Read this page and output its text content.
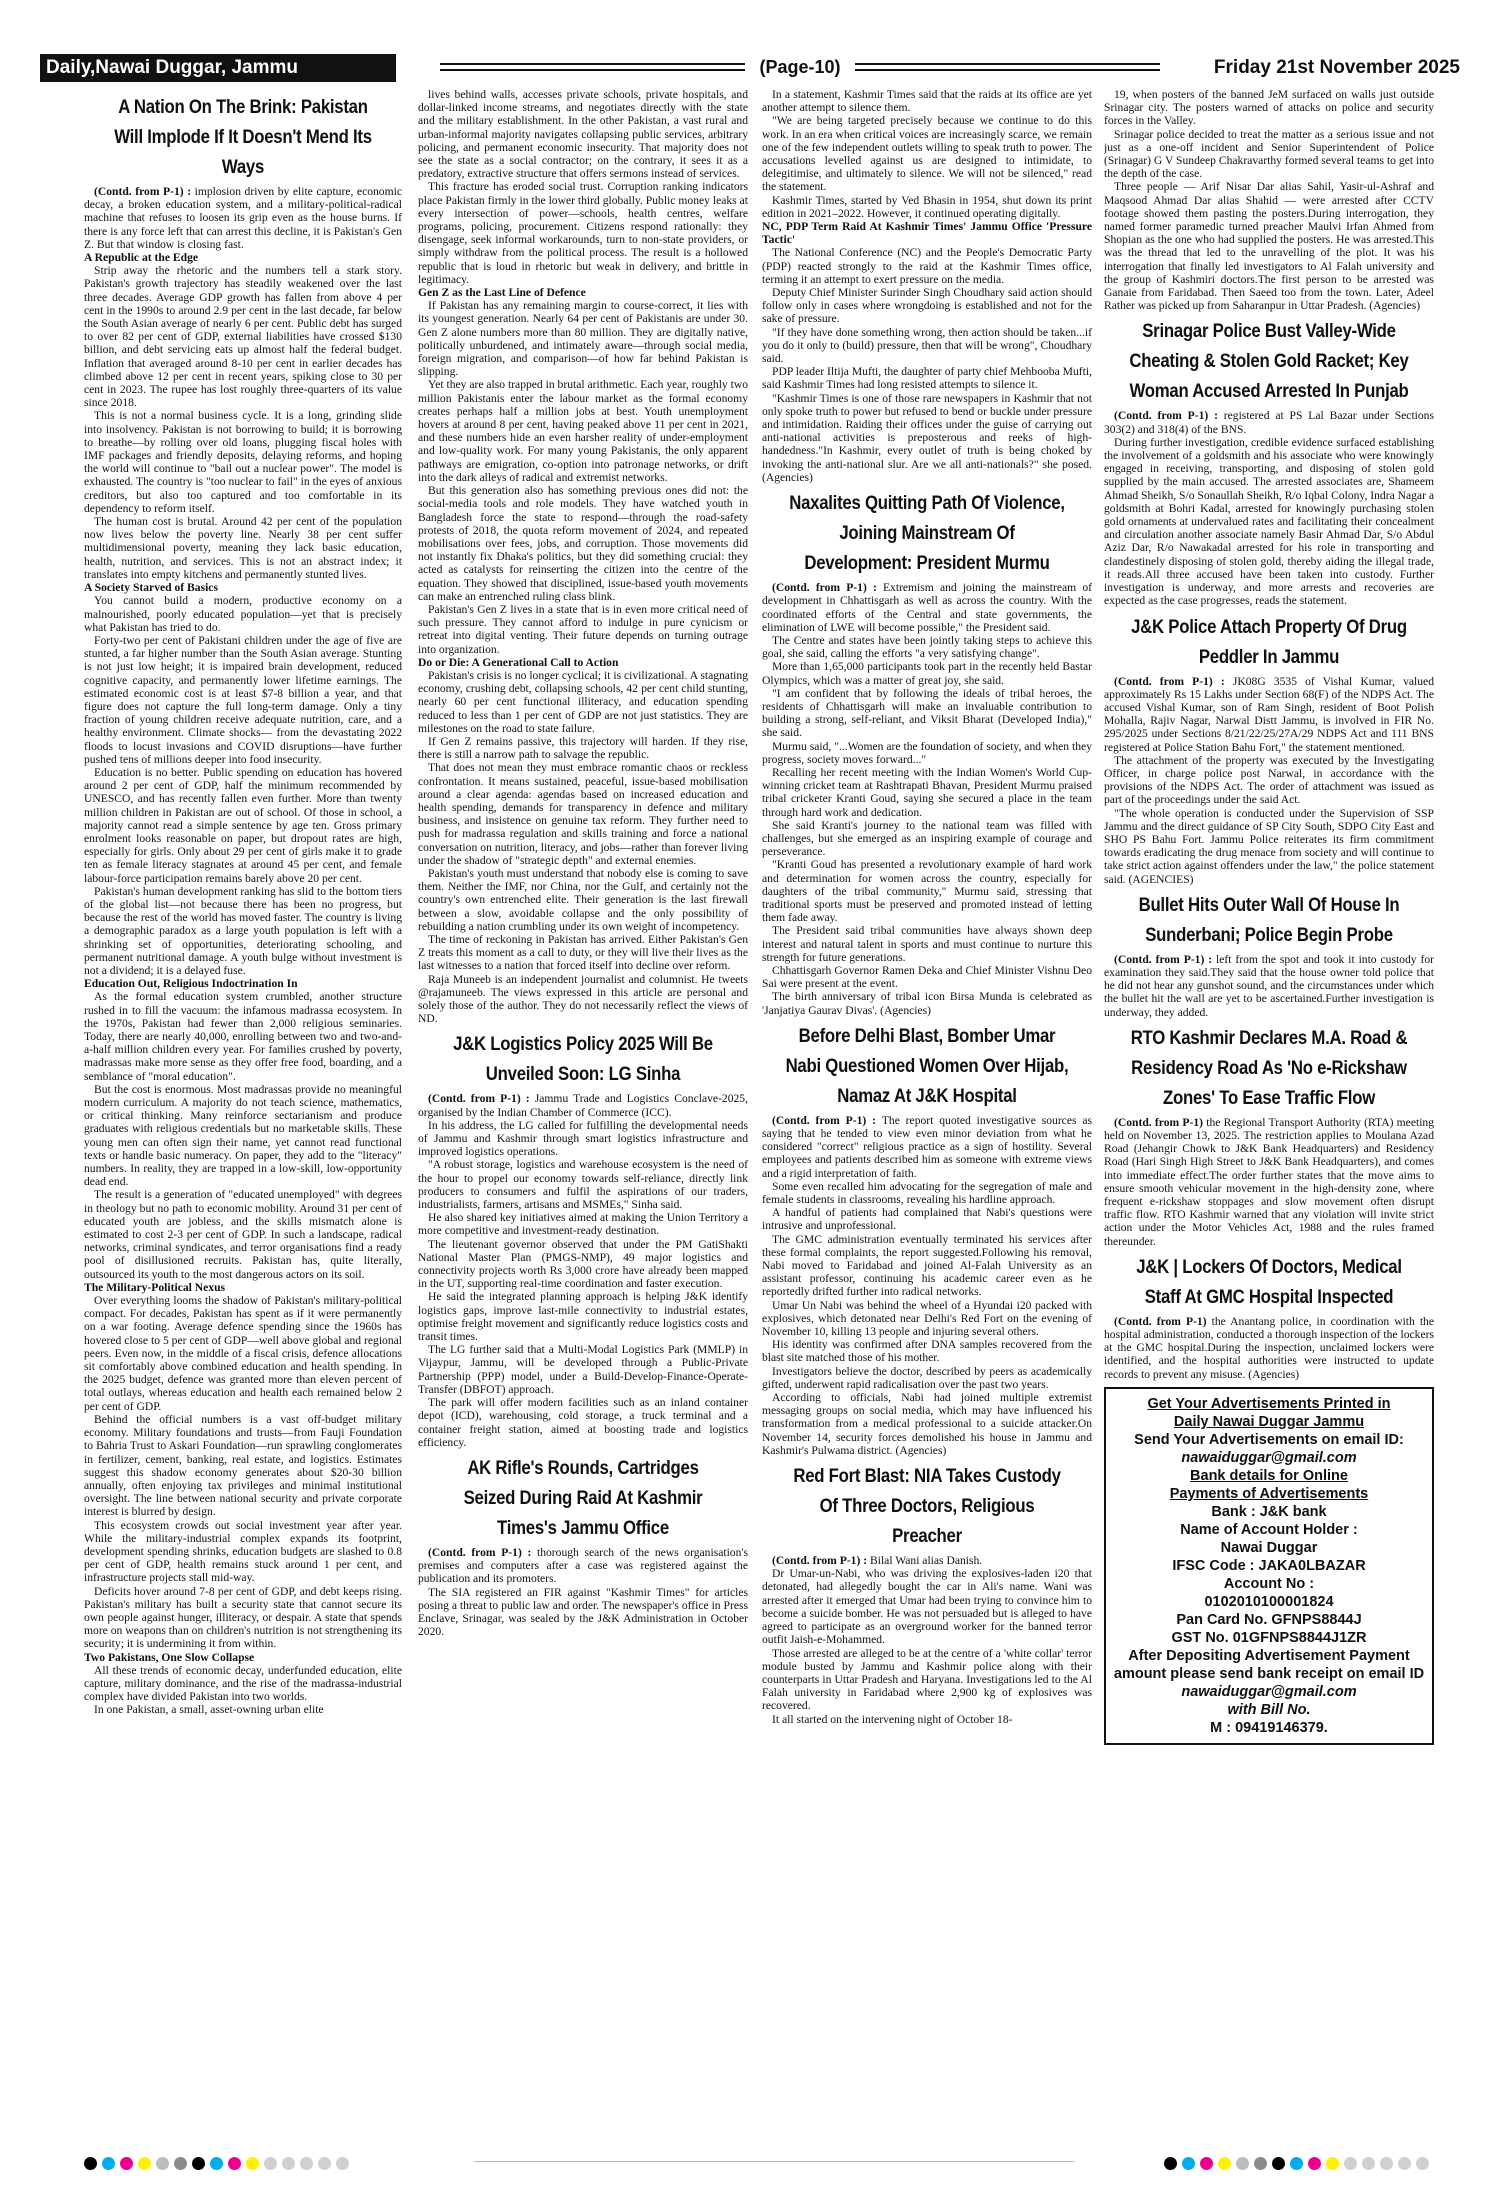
Daily,Nawai Duggar, Jammu	(Page-10)	Friday 21st November 2025
A Nation On The Brink: Pakistan Will Implode If It Doesn't Mend Its Ways

(Contd. from P-1) : implosion driven by elite capture, economic decay, a broken education system, and a military-political-radical machine that refuses to loosen its grip even as the house burns. If there is any force left that can arrest this decline, it is Pakistan's Gen Z. But that window is closing fast.

A Republic at the Edge

Strip away the rhetoric and the numbers tell a stark story. Pakistan's growth trajectory has steadily weakened over the last three decades. Average GDP growth has fallen from above 4 per cent in the 1990s to around 2.9 per cent in the last decade, far below the South Asian average of nearly 6 per cent. Public debt has surged to over 82 per cent of GDP, external liabilities have crossed $130 billion, and debt servicing eats up almost half the federal budget. Inflation that averaged around 8-10 per cent in earlier decades has climbed above 12 per cent in recent years, spiking close to 30 per cent in 2023. The rupee has lost roughly three-quarters of its value since 2018.

This is not a normal business cycle. It is a long, grinding slide into insolvency. Pakistan is not borrowing to build; it is borrowing to breathe—by rolling over old loans, plugging fiscal holes with IMF packages and friendly deposits, delaying reforms, and hoping the world will continue to "bail out a nuclear power". The model is exhausted. The country is "too nuclear to fail" in the eyes of anxious creditors, but also too captured and too comfortable in its dependency to reform itself.

The human cost is brutal. Around 42 per cent of the population now lives below the poverty line. Nearly 38 per cent suffer multidimensional poverty, meaning they lack basic education, health, nutrition, and services. This is not an abstract index; it translates into empty kitchens and permanently stunted lives.

A Society Starved of Basics

You cannot build a modern, productive economy on a malnourished, poorly educated population—yet that is precisely what Pakistan has tried to do.

Forty-two per cent of Pakistani children under the age of five are stunted, a far higher number than the South Asian average. Stunting is not just low height; it is impaired brain development, reduced cognitive capacity, and permanently lower lifetime earnings. The estimated economic cost is at least $7-8 billion a year, and that figure does not capture the full long-term damage. Only a tiny fraction of young children receive adequate nutrition, care, and a healthy environment. Climate shocks— from the devastating 2022 floods to locust invasions and COVID disruptions—have further pushed tens of millions deeper into food insecurity.

Education is no better. Public spending on education has hovered around 2 per cent of GDP, half the minimum recommended by UNESCO, and has recently fallen even further. More than twenty million children in Pakistan are out of school. Of those in school, a majority cannot read a simple sentence by age ten. Gross primary enrolment looks reasonable on paper, but dropout rates are high, especially for girls. Only about 29 per cent of girls make it to grade ten as female literacy stagnates at around 45 per cent, and female labour-force participation remains barely above 20 per cent.

Pakistan's human development ranking has slid to the bottom tiers of the global list—not because there has been no progress, but because the rest of the world has moved faster. The country is living a demographic paradox as a large youth population is left with a shrinking set of opportunities, deteriorating schooling, and permanent nutritional damage. A youth bulge without investment is not a dividend; it is a delayed fuse.

Education Out, Religious Indoctrination In

As the formal education system crumbled, another structure rushed in to fill the vacuum: the infamous madrassa ecosystem. In the 1970s, Pakistan had fewer than 2,000 religious seminaries. Today, there are nearly 40,000, enrolling between two and two-and-a-half million children every year. For families crushed by poverty, madrassas make more sense as they offer free food, boarding, and a semblance of "moral education".

But the cost is enormous. Most madrassas provide no meaningful modern curriculum. A majority do not teach science, mathematics, or critical thinking. Many reinforce sectarianism and produce graduates with religious credentials but no marketable skills. These young men can often sign their name, yet cannot read functional texts or handle basic numeracy. On paper, they add to the "literacy" numbers. In reality, they are trapped in a low-skill, low-opportunity dead end.

The result is a generation of "educated unemployed" with degrees in theology but no path to economic mobility. Around 31 per cent of educated youth are jobless, and the skills mismatch alone is estimated to cost 2-3 per cent of GDP. In such a landscape, radical networks, criminal syndicates, and terror organisations find a ready pool of disillusioned recruits. Pakistan has, quite literally, outsourced its youth to the most dangerous actors on its soil.

The Military-Political Nexus

Over everything looms the shadow of Pakistan's military-political compact. For decades, Pakistan has spent as if it were permanently on a war footing. Average defence spending since the 1960s has hovered close to 5 per cent of GDP—well above global and regional peers. Even now, in the middle of a fiscal crisis, defence allocations sit comfortably above combined education and health spending. In the 2025 budget, defence was granted more than eleven percent of total outlays, whereas education and health each remained below 2 per cent of GDP.

Behind the official numbers is a vast off-budget military economy. Military foundations and trusts—from Fauji Foundation to Bahria Trust to Askari Foundation—run sprawling conglomerates in fertilizer, cement, banking, real estate, and logistics. Estimates suggest this shadow economy generates about $20-30 billion annually, often enjoying tax privileges and minimal institutional oversight. The line between national security and private corporate interest is blurred by design.

This ecosystem crowds out social investment year after year. While the military-industrial complex expands its footprint, development spending shrinks, education budgets are slashed to 0.8 per cent of GDP, health remains stuck around 1 per cent, and infrastructure projects stall mid-way.

Deficits hover around 7-8 per cent of GDP, and debt keeps rising. Pakistan's military has built a security state that cannot secure its own people against hunger, illiteracy, or despair. A state that spends more on weapons than on children's nutrition is not strengthening its security; it is undermining it from within.

Two Pakistans, One Slow Collapse

All these trends of economic decay, underfunded education, elite capture, military dominance, and the rise of the madrassa-industrial complex have divided Pakistan into two worlds.

In one Pakistan, a small, asset-owning urban elite

lives behind walls, accesses private schools, private hospitals, and dollar-linked income streams, and negotiates directly with the state and the military establishment. In the other Pakistan, a vast rural and urban-informal majority navigates collapsing public services, arbitrary policing, and permanent economic insecurity. That majority does not see the state as a social contractor; on the contrary, it sees it as a predatory, extractive structure that offers sermons instead of services.

This fracture has eroded social trust. Corruption ranking indicators place Pakistan firmly in the lower third globally. Public money leaks at every intersection of power—schools, health centres, welfare programs, policing, procurement. Citizens respond rationally: they disengage, seek informal workarounds, turn to non-state providers, or simply withdraw from the political process. The result is a hollowed republic that is loud in rhetoric but weak in delivery, and brittle in legitimacy.

Gen Z as the Last Line of Defence

If Pakistan has any remaining margin to course-correct, it lies with its youngest generation. Nearly 64 per cent of Pakistanis are under 30. Gen Z alone numbers more than 80 million. They are digitally native, politically unburdened, and intimately aware—through social media, foreign migration, and comparison—of how far behind Pakistan is slipping.

Yet they are also trapped in brutal arithmetic. Each year, roughly two million Pakistanis enter the labour market as the formal economy creates perhaps half a million jobs at best. Youth unemployment hovers at around 8 per cent, having peaked above 11 per cent in 2021, and these numbers hide an even harsher reality of under-employment and low-quality work. For many young Pakistanis, the only apparent pathways are emigration, co-option into patronage networks, or drift into the dark alleys of radical and extremist networks.

But this generation also has something previous ones did not: the social-media tools and role models. They have watched youth in Bangladesh force the state to respond—through the road-safety protests of 2018, the quota reform movement of 2024, and repeated mobilisations over fees, jobs, and corruption. Those movements did not instantly fix Dhaka's politics, but they did something crucial: they acted as catalysts for reinserting the citizen into the centre of the equation. They showed that disciplined, issue-based youth movements can make an entrenched ruling class blink.

Pakistan's Gen Z lives in a state that is in even more critical need of such pressure. They cannot afford to indulge in pure cynicism or retreat into digital venting. Their future depends on turning outrage into organization.

Do or Die: A Generational Call to Action

Pakistan's crisis is no longer cyclical; it is civilizational. A stagnating economy, crushing debt, collapsing schools, 42 per cent child stunting, nearly 60 per cent functional illiteracy, and education spending reduced to less than 1 per cent of GDP are not just statistics. They are milestones on the road to state failure.

If Gen Z remains passive, this trajectory will harden. If they rise, there is still a narrow path to salvage the republic.

That does not mean they must embrace romantic chaos or reckless confrontation. It means sustained, peaceful, issue-based mobilisation around a clear agenda: agendas based on increased education and health spending, demands for transparency in defence and military business, and insistence on genuine tax reform. They further need to push for madrassa regulation and skills training and force a national conversation on nutrition, literacy, and jobs—rather than forever living under the shadow of "strategic depth" and external enemies.

Pakistan's youth must understand that nobody else is coming to save them. Neither the IMF, nor China, nor the Gulf, and certainly not the country's own entrenched elite. Their generation is the last firewall between a slow, avoidable collapse and the only possibility of rebuilding a nation crumbling under its own weight of incompetency.

The time of reckoning in Pakistan has arrived. Either Pakistan's Gen Z treats this moment as a call to duty, or they will live their lives as the last witnesses to a nation that forced itself into decline over reform.

Raja Muneeb is an independent journalist and columnist. He tweets @rajamuneeb. The views expressed in this article are personal and solely those of the author. They do not necessarily reflect the views of ND.

J&K Logistics Policy 2025 Will Be Unveiled Soon: LG Sinha

(Contd. from P-1) : Jammu Trade and Logistics Conclave-2025, organised by the Indian Chamber of Commerce (ICC).

In his address, the LG called for fulfilling the developmental needs of Jammu and Kashmir through smart logistics infrastructure and improved logistics operations.

"A robust storage, logistics and warehouse ecosystem is the need of the hour to propel our economy towards self-reliance, directly link producers to consumers and fulfil the aspirations of our traders, industrialists, farmers, artisans and MSMEs," Sinha said.

He also shared key initiatives aimed at making the Union Territory a more competitive and investment-ready destination.

The lieutenant governor observed that under the PM GatiShakti National Master Plan (PMGS-NMP), 49 major logistics and connectivity projects worth Rs 3,000 crore have already been mapped in the UT, supporting real-time coordination and faster execution.

He said the integrated planning approach is helping J&K identify logistics gaps, improve last-mile connectivity to industrial estates, optimise freight movement and significantly reduce logistics costs and transit times.

The LG further said that a Multi-Modal Logistics Park (MMLP) in Vijaypur, Jammu, will be developed through a Public-Private Partnership (PPP) model, under a Build-Develop-Finance-Operate-Transfer (DBFOT) approach.

The park will offer modern facilities such as an inland container depot (ICD), warehousing, cold storage, a truck terminal and a container freight station, aimed at boosting trade and logistics efficiency.

AK Rifle's Rounds, Cartridges Seized During Raid At Kashmir Times's Jammu Office

(Contd. from P-1) : thorough search of the news organisation's premises and computers after a case was registered against the publication and its promoters.

The SIA registered an FIR against "Kashmir Times" for articles posing a threat to public law and order. The newspaper's office in Press Enclave, Srinagar, was sealed by the J&K Administration in October 2020.

In a statement, Kashmir Times said that the raids at its office are yet another attempt to silence them.

"We are being targeted precisely because we continue to do this work. In an era when critical voices are increasingly scarce, we remain one of the few independent outlets willing to speak truth to power. The accusations levelled against us are designed to intimidate, to delegitimise, and ultimately to silence. We will not be silenced," read the statement.

Kashmir Times, started by Ved Bhasin in 1954, shut down its print edition in 2021–2022. However, it continued operating digitally.

NC, PDP Term Raid At Kashmir Times' Jammu Office 'Pressure Tactic'

The National Conference (NC) and the People's Democratic Party (PDP) reacted strongly to the raid at the Kashmir Times office, terming it an attempt to exert pressure on the media.

Deputy Chief Minister Surinder Singh Choudhary said action should follow only in cases where wrongdoing is established and not for the sake of pressure.

"If they have done something wrong, then action should be taken...if you do it only to (build) pressure, then that will be wrong", Choudhary said.

PDP leader Iltija Mufti, the daughter of party chief Mehbooba Mufti, said Kashmir Times had long resisted attempts to silence it.

"Kashmir Times is one of those rare newspapers in Kashmir that not only spoke truth to power but refused to bend or buckle under pressure and intimidation. Raiding their offices under the guise of carrying out anti-national activities is preposterous and reeks of high-handedness."In Kashmir, every outlet of truth is being choked by invoking the anti-national slur. Are we all anti-nationals?" she posed. (Agencies)

Naxalites Quitting Path Of Violence, Joining Mainstream Of Development: President Murmu

(Contd. from P-1) : Extremism and joining the mainstream of development in Chhattisgarh as well as across the country. With the coordinated efforts of the Central and state governments, the elimination of LWE will become possible," the President said.

The Centre and states have been jointly taking steps to achieve this goal, she said, calling the efforts "a very satisfying change".

More than 1,65,000 participants took part in the recently held Bastar Olympics, which was a matter of great joy, she said.

"I am confident that by following the ideals of tribal heroes, the residents of Chhattisgarh will make an invaluable contribution to building a strong, self-reliant, and Viksit Bharat (Developed India)," she said.

Murmu said, "...Women are the foundation of society, and when they progress, society moves forward..."

Recalling her recent meeting with the Indian Women's World Cup-winning cricket team at Rashtrapati Bhavan, President Murmu praised tribal cricketer Kranti Goud, saying she secured a place in the team through hard work and dedication.

She said Kranti's journey to the national team was filled with challenges, but she emerged as an inspiring example of courage and perseverance.

"Kranti Goud has presented a revolutionary example of hard work and determination for women across the country, especially for daughters of the tribal community," Murmu said, stressing that traditional sports must be preserved and promoted instead of letting them fade away.

The President said tribal communities have always shown deep interest and natural talent in sports and must continue to nurture this strength for future generations.

Chhattisgarh Governor Ramen Deka and Chief Minister Vishnu Deo Sai were present at the event.

The birth anniversary of tribal icon Birsa Munda is celebrated as 'Janjatiya Gaurav Divas'. (Agencies)

Before Delhi Blast, Bomber Umar Nabi Questioned Women Over Hijab, Namaz At J&K Hospital

(Contd. from P-1) : The report quoted investigative sources as saying that he tended to view even minor deviation from what he considered "correct" religious practice as a sign of hostility. Several employees and patients described him as someone with extreme views and a rigid interpretation of faith.

Some even recalled him advocating for the segregation of male and female students in classrooms, revealing his hardline approach.

A handful of patients had complained that Nabi's questions were intrusive and unprofessional.

The GMC administration eventually terminated his services after these formal complaints, the report suggested.Following his removal, Nabi moved to Faridabad and joined Al-Falah University as an assistant professor, continuing his academic career even as he reportedly drifted further into radical networks.

Umar Un Nabi was behind the wheel of a Hyundai i20 packed with explosives, which detonated near Delhi's Red Fort on the evening of November 10, killing 13 people and injuring several others.

His identity was confirmed after DNA samples recovered from the blast site matched those of his mother.

Investigators believe the doctor, described by peers as academically gifted, underwent rapid radicalisation over the past two years.

According to officials, Nabi had joined multiple extremist messaging groups on social media, which may have influenced his transformation from a medical professional to a suicide attacker.On November 14, security forces demolished his house in Jammu and Kashmir's Pulwama district. (Agencies)

Red Fort Blast: NIA Takes Custody Of Three Doctors, Religious Preacher

(Contd. from P-1) : Bilal Wani alias Danish.

Dr Umar-un-Nabi, who was driving the explosives-laden i20 that detonated, had allegedly bought the car in Ali's name. Wani was arrested after it emerged that Umar had been trying to convince him to become a suicide bomber. He was not persuaded but is alleged to have agreed to participate as an overground worker for the banned terror outfit Jaish-e-Mohammed.

Those arrested are alleged to be at the centre of a 'white collar' terror module busted by Jammu and Kashmir police along with their counterparts in Uttar Pradesh and Haryana. Investigations led to the Al Falah university in Faridabad where 2,900 kg of explosives was recovered.

It all started on the intervening night of October 18-

19, when posters of the banned JeM surfaced on walls just outside Srinagar city. The posters warned of attacks on police and security forces in the Valley.

Srinagar police decided to treat the matter as a serious issue and not just as a one-off incident and Senior Superintendent of Police (Srinagar) G V Sundeep Chakravarthy formed several teams to get into the depth of the case.

Three people — Arif Nisar Dar alias Sahil, Yasir-ul-Ashraf and Maqsood Ahmad Dar alias Shahid — were arrested after CCTV footage showed them pasting the posters.During interrogation, they named former paramedic turned preacher Maulvi Irfan Ahmed from Shopian as the one who had supplied the posters. He was arrested.This was the thread that led to the unravelling of the plot. It was his interrogation that finally led investigators to Al Falah university and the group of Kashmiri doctors.The first person to be arrested was Ganaie from Faridabad. Then Saeed too from the town. Later, Adeel Rather was picked up from Saharanpur in Uttar Pradesh. (Agencies)

Srinagar Police Bust Valley-Wide Cheating & Stolen Gold Racket; Key Woman Accused Arrested In Punjab

(Contd. from P-1) : registered at PS Lal Bazar under Sections 303(2) and 318(4) of the BNS.

During further investigation, credible evidence surfaced establishing the involvement of a goldsmith and his associate who were knowingly engaged in receiving, transporting, and disposing of stolen gold supplied by the main accused. The arrested associates are, Shameem Ahmad Sheikh, S/o Sonaullah Sheikh, R/o Iqbal Colony, Indra Nagar a goldsmith at Bohri Kadal, arrested for knowingly purchasing stolen gold ornaments at undervalued rates and facilitating their concealment and circulation another associate namely Basir Ahmad Dar, S/o Abdul Aziz Dar, R/o Nawakadal arrested for his role in transporting and clandestinely disposing of stolen gold, thereby aiding the illegal trade, it reads.All three accused have been taken into custody. Further investigation is underway, and more arrests and recoveries are expected as the case progresses, reads the statement.

J&K Police Attach Property Of Drug Peddler In Jammu

(Contd. from P-1) : JK08G 3535 of Vishal Kumar, valued approximately Rs 15 Lakhs under Section 68(F) of the NDPS Act. The accused Vishal Kumar, son of Ram Singh, resident of Boot Polish Mohalla, Rajiv Nagar, Narwal Distt Jammu, is involved in FIR No. 295/2025 under Sections 8/21/22/25/27A/29 NDPS Act and 111 BNS registered at Police Station Bahu Fort," the statement mentioned.

The attachment of the property was executed by the Investigating Officer, in charge police post Narwal, in accordance with the provisions of the NDPS Act. The order of attachment was issued as part of the proceedings under the said Act.

"The whole operation is conducted under the Supervision of SSP Jammu and the direct guidance of SP City South, SDPO City East and SHO PS Bahu Fort. Jammu Police reiterates its firm commitment towards eradicating the drug menace from society and will continue to take strict action against offenders under the law," the police statement said. (AGENCIES)

Bullet Hits Outer Wall Of House In Sunderbani; Police Begin Probe

(Contd. from P-1) : left from the spot and took it into custody for examination they said.They said that the house owner told police that he did not hear any gunshot sound, and the circumstances under which the bullet hit the wall are yet to be ascertained.Further investigation is underway, they added.

RTO Kashmir Declares M.A. Road & Residency Road As 'No e-Rickshaw Zones' To Ease Traffic Flow

(Contd. from P-1) the Regional Transport Authority (RTA) meeting held on November 13, 2025. The restriction applies to Moulana Azad Road (Jehangir Chowk to J&K Bank Headquarters) and Residency Road (Hari Singh High Street to J&K Bank Headquarters), and comes into immediate effect.The order further states that the move aims to ensure smooth vehicular movement in the high-density zone, where frequent e-rickshaw stoppages and slow movement often disrupt traffic flow. RTO Kashmir warned that any violation will invite strict action under the Motor Vehicles Act, 1988 and the rules framed thereunder.

J&K | Lockers Of Doctors, Medical Staff At GMC Hospital Inspected

(Contd. from P-1) the Anantang police, in coordination with the hospital administration, conducted a thorough inspection of the lockers at the GMC hospital.During the inspection, unclaimed lockers were identified, and the hospital authorities were instructed to update records to prevent any misuse. (Agencies)

Get Your Advertisements Printed in
Daily Nawai Duggar Jammu
Send Your Advertisements on email ID:
nawaiduggar@gmail.com
Bank details for Online
Payments of Advertisements
Bank : J&K bank
Name of Account Holder :
Nawai Duggar
IFSC Code : JAKA0LBAZAR
Account No :
0102010100001824
Pan Card No. GFNPS8844J
GST No. 01GFNPS8844J1ZR
After Depositing Advertisement Payment amount please send bank receipt on email ID
nawaiduggar@gmail.com
with Bill No.
M : 09419146379.
